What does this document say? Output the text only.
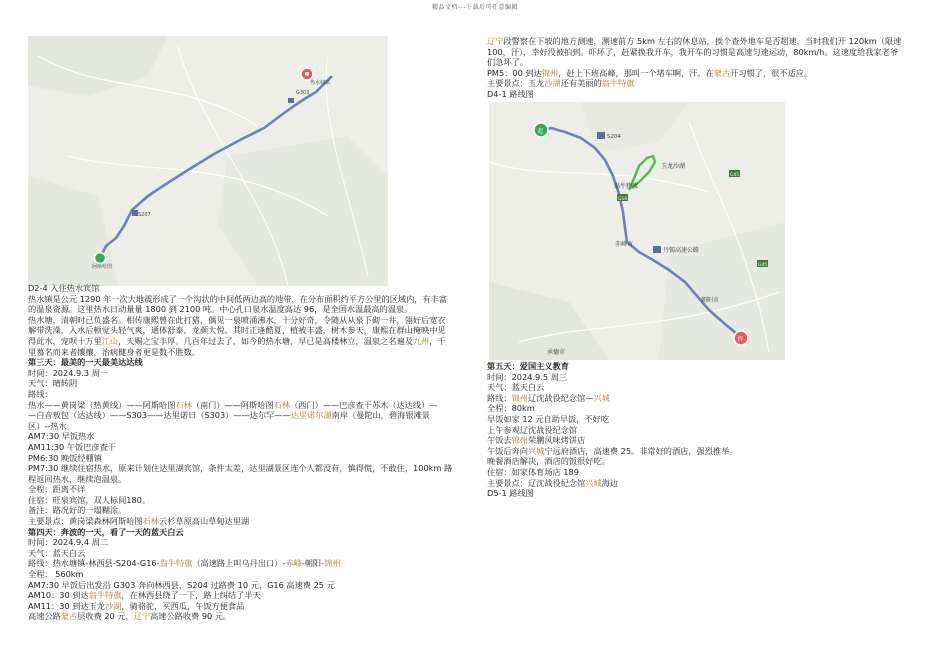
精品文档---下载后可任意编辑
热水塘镇
G303
S207
阿斯哈图
起
终
S204
玉龙沙湖
翁牛特旗
G16
G45
G45
赤峰市
丹锡高速公路
朝阳市
承德市

D2-4 入住热水宾馆

热水镇是公元 1290 年一次大地震形成了一个沟状的中间低两边高的地带，在分布面积约平方公里的区域内，有丰富

的温泉资源。这里热水日动量量 1800 到 2100 吨。中心孔口泉水温度高达 96，是全国水温最高的温泉。

热水塘，清朝时已负盛名。相传康熙曾在此打猎，偶见一泉喷涌沸水，十分好奇，令随从从泉下砌一井，翎好后宽衣

解带洗澡，入水后顿觉头轻气爽，通体舒泰，龙颜大悦。其时正逢酷夏，植被丰盛，树木参天，康熙在群山掩映中见

得此水，宠呗十万里江山，天赐之宝丰厚。几百年过去了，如今的热水塘，早已是高楼林立，温泉之名遍及九州，千

里慕名而来者攘攘，治病健身者更是数不胜数。

第三天：最美的一天最美达达线

时间：2024.9.3 周一

天气：晴转阴

路线：

热水——黄岗梁（热黄线）——阿斯哈图石林（南门）——阿斯哈图石林（西门）——巴彦查干苏木（达达线）—

—白音敖包（达达线）——S303——达里诺日（S303）——达尔罕——达里诺尔湖南岸（曼陀山，碧海银滩景

区）--热水

AM7:30 早饭热水

AM11:30 午饭巴彦查干

PM6:30 晚饭经棚镇

PM7:30 继续住宿热水，原来计划住达里湖宾馆，条件太差，达里湖景区连个人都没有，慎得慌，不敢住，100km 路

程返回热水，继续泡温泉。

全程：距离不详

住宿：旺泉宾馆，双人标间180。

备注：路况好的一塌糊涂。

主要景点：黄岗梁森林阿斯哈图石林云杉草原高山草甸达里湖

第四天：奔波的一天，看了一天的蓝天白云

时间：2024.9.4 周二

天气：蓝天白云

路线：热水塘镇-林西县-S204-G16-翁牛特旗（高速路上叫乌丹出口）-赤峰-朝阳-锦州

全程： 560km

AM7:30 早饭后出发沿 G303 奔向林西县，S204 过路费 10 元，G16 高速费 25 元

AM10：30 到达翁牛特旗，在林西县绕了一下，路上纠结了半天

AM11：30 到达玉龙沙湖，骑骆驼，买西瓜，午饭方便食品

高速公路蒙古层收费 20 元，辽宁高速公路收费 90 元。

辽宁段警察在下坡的地方测速，测速前方 5km 左右的休息站，挨个查外地车是否超速，当时我们开 120km（限速

100，汗），幸好没被拍到。吓坏了，赶紧换我开车，我开车的习惯是高速匀速运动，80km/h。这速度给我家老爷

们急坏了。

PM5：00 到达锦州，赶上下班高峰，那叫一个堵车啊，汗。在蒙古开习惯了，很不适应。

主要景点：玉龙沙湖还有美丽的翁牛特旗

D4-1 路线图

第五天：爱国主义教育

时间：2024.9.5 周三

天气：蓝天白云

路线：锦州辽沈战役纪念馆—兴城

全程：80km

早饭如家 12 元自助早饭，不好吃

上午参观辽沈战役纪念馆

午饭去锦州荣鹏风味烤饼店

午饭后奔向兴城宁远府酒店，高速费 25。非常好的酒店，强烈推举。

晚餐酒店解决，酒店的饭很好吃。

住宿：如家体育场店 189

主要景点：辽沈战役纪念馆兴城海边

D5-1 路线图
